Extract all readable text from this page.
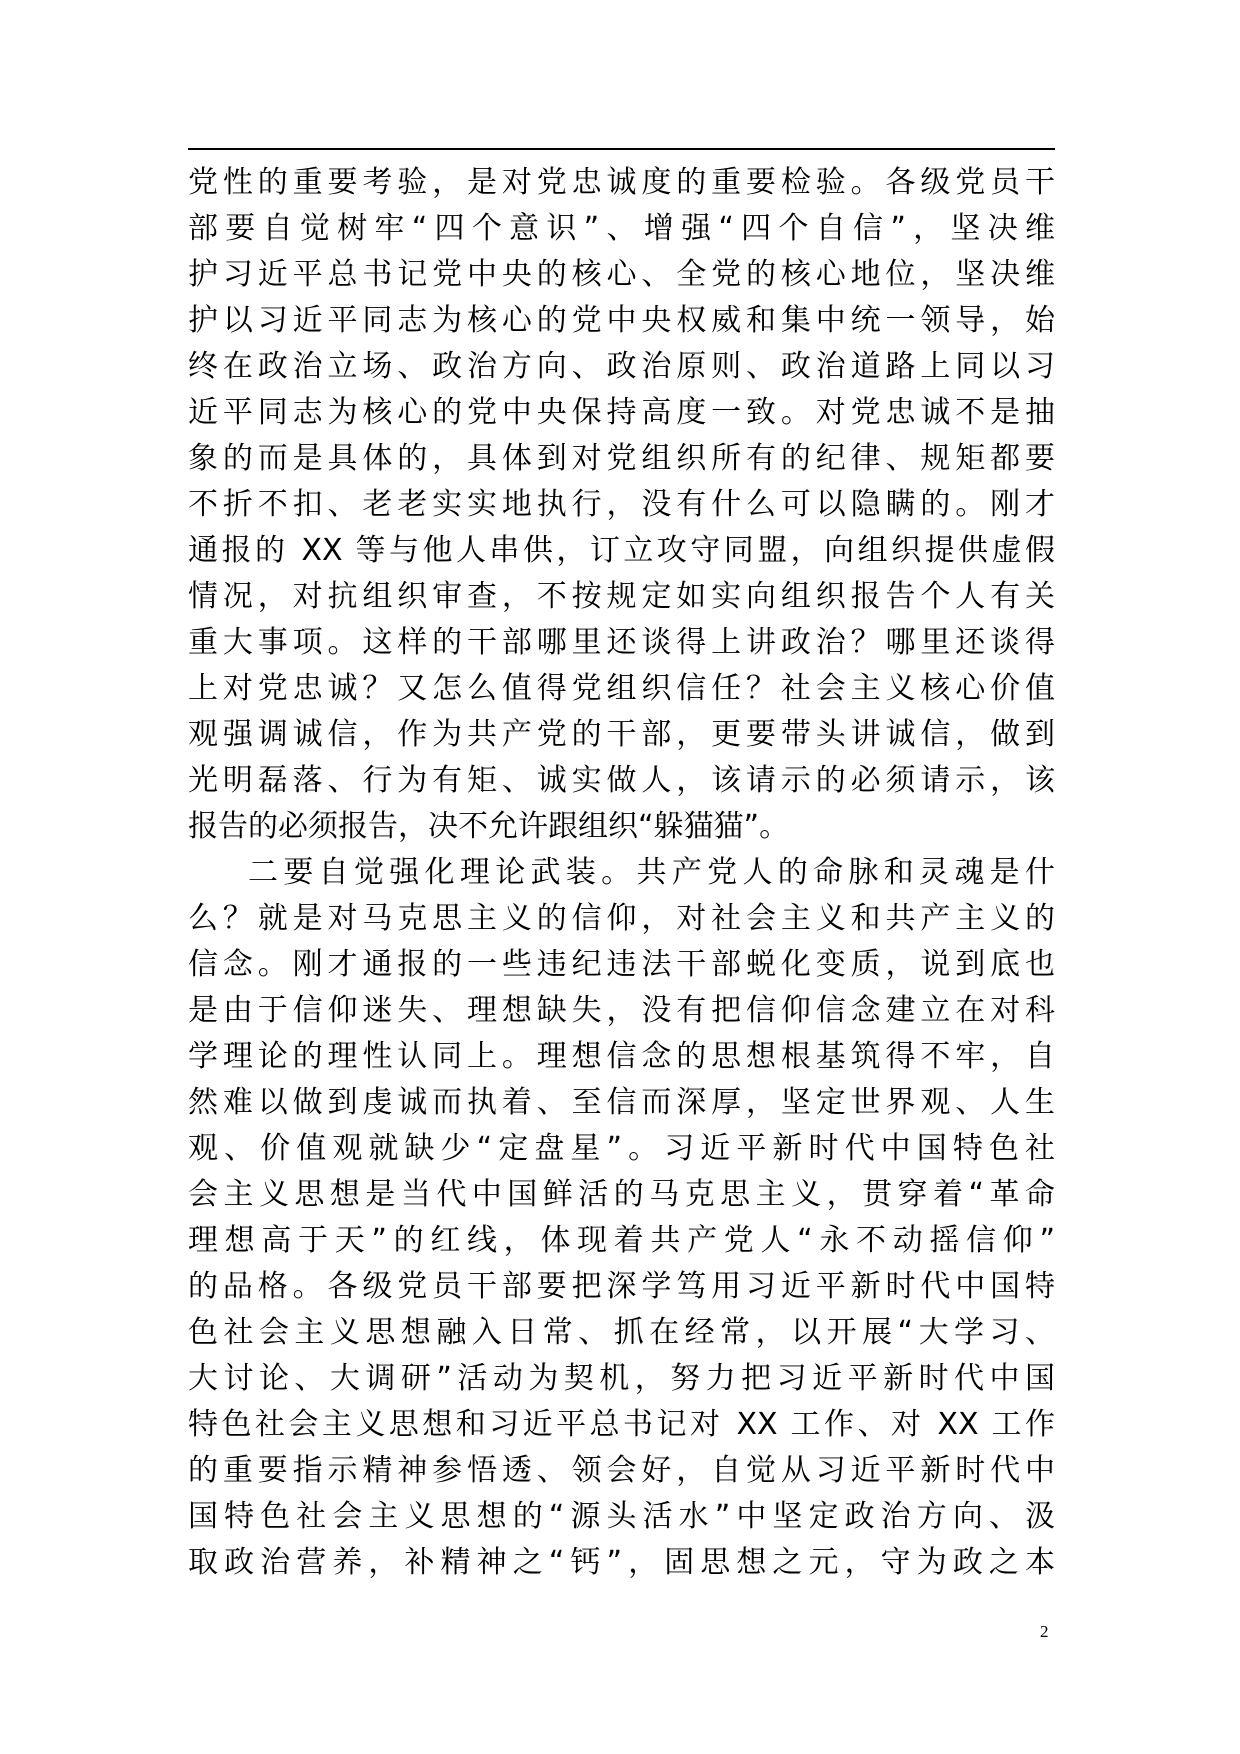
党性的重要考验，是对党忠诚度的重要检验。各级党员干
部要自觉树牢“四个意识”、增强“四个自信”，坚决维
护习近平总书记党中央的核心、全党的核心地位，坚决维
护以习近平同志为核心的党中央权威和集中统一领导，始
终在政治立场、政治方向、政治原则、政治道路上同以习
近平同志为核心的党中央保持高度一致。对党忠诚不是抽
象的而是具体的，具体到对党组织所有的纪律、规矩都要
不折不扣、老老实实地执行，没有什么可以隐瞒的。刚才
通报的 XX 等与他人串供，订立攻守同盟，向组织提供虚假
情况，对抗组织审查，不按规定如实向组织报告个人有关
重大事项。这样的干部哪里还谈得上讲政治？哪里还谈得
上对党忠诚？又怎么值得党组织信任？社会主义核心价值
观强调诚信，作为共产党的干部，更要带头讲诚信，做到
光明磊落、行为有矩、诚实做人，该请示的必须请示，该
报告的必须报告，决不允许跟组织“躲猫猫”。
二要自觉强化理论武装。共产党人的命脉和灵魂是什
么？就是对马克思主义的信仰，对社会主义和共产主义的
信念。刚才通报的一些违纪违法干部蜕化变质，说到底也
是由于信仰迷失、理想缺失，没有把信仰信念建立在对科
学理论的理性认同上。理想信念的思想根基筑得不牢，自
然难以做到虔诚而执着、至信而深厚，坚定世界观、人生
观、价值观就缺少“定盘星”。习近平新时代中国特色社
会主义思想是当代中国鲜活的马克思主义，贯穿着“革命
理想高于天”的红线，体现着共产党人“永不动摇信仰”
的品格。各级党员干部要把深学笃用习近平新时代中国特
色社会主义思想融入日常、抓在经常，以开展“大学习、
大讨论、大调研”活动为契机，努力把习近平新时代中国
特色社会主义思想和习近平总书记对 XX 工作、对 XX 工作
的重要指示精神参悟透、领会好，自觉从习近平新时代中
国特色社会主义思想的“源头活水”中坚定政治方向、汲
取政治营养，补精神之“钙”，固思想之元，守为政之本
2
